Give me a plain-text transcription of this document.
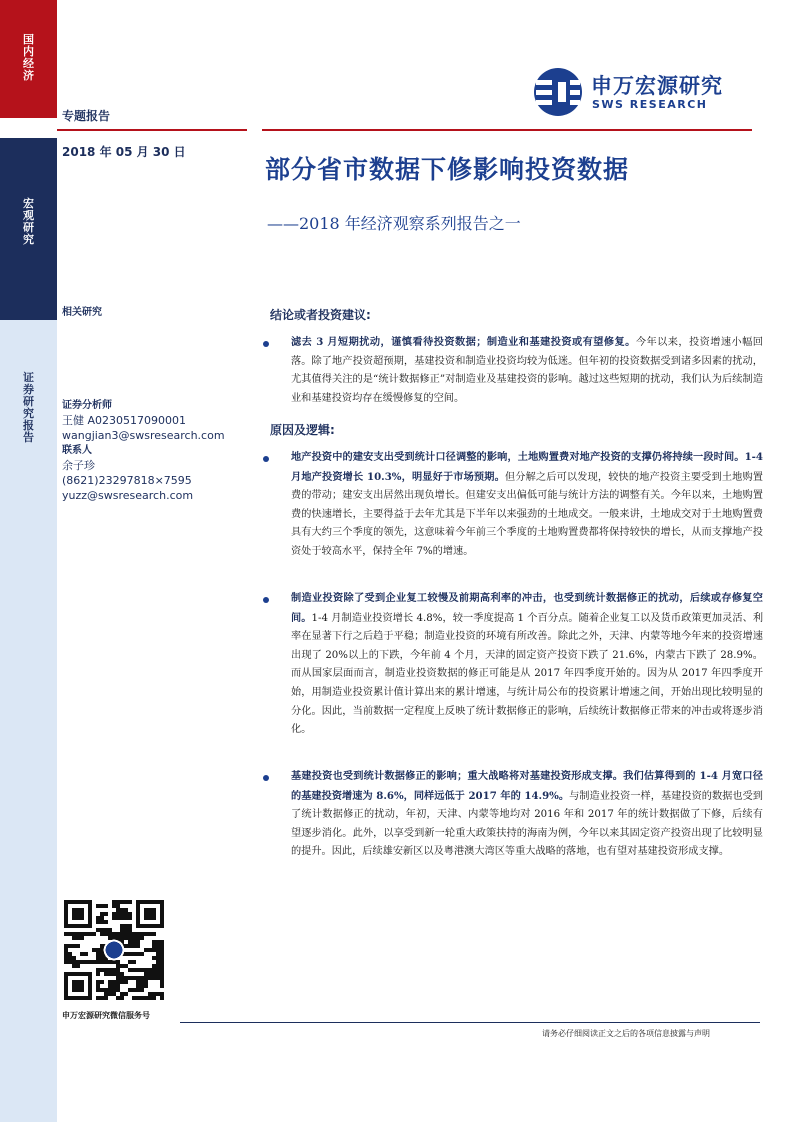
国
内
经
济
宏
观
研
究
证
券
研
究
报
告
申万宏源研究
SWS RESEARCH
专题报告
2018 年 05 月 30 日
部分省市数据下修影响投资数据
——2018 年经济观察系列报告之一
相关研究
证券分析师
王健 A0230517090001
wangjian3@swsresearch.com
联系人
余子珍
(8621)23297818×7595
yuzz@swsresearch.com
结论或者投资建议:
滤去 3 月短期扰动，谨慎看待投资数据；制造业和基建投资或有望修复。今年以来，投资增速小幅回落。除了地产投资超预期，基建投资和制造业投资均较为低迷。但年初的投资数据受到诸多因素的扰动，尤其值得关注的是“统计数据修正”对制造业及基建投资的影响。越过这些短期的扰动，我们认为后续制造业和基建投资均存在缓慢修复的空间。
原因及逻辑:
地产投资中的建安支出受到统计口径调整的影响，土地购置费对地产投资的支撑仍将持续一段时间。1-4 月地产投资增长 10.3%，明显好于市场预期。但分解之后可以发现，较快的地产投资主要受到土地购置费的带动；建安支出居然出现负增长。但建安支出偏低可能与统计方法的调整有关。今年以来，土地购置费的快速增长，主要得益于去年尤其是下半年以来强劲的土地成交。一般来讲，土地成交对于土地购置费具有大约三个季度的领先，这意味着今年前三个季度的土地购置费都将保持较快的增长，从而支撑地产投资处于较高水平，保持全年 7%的增速。
制造业投资除了受到企业复工较慢及前期高利率的冲击，也受到统计数据修正的扰动，后续或存修复空间。1-4 月制造业投资增长 4.8%，较一季度提高 1 个百分点。随着企业复工以及货币政策更加灵活、利率在显著下行之后趋于平稳；制造业投资的环境有所改善。除此之外，天津、内蒙等地今年来的投资增速出现了 20%以上的下跌，今年前 4 个月，天津的固定资产投资下跌了 21.6%，内蒙古下跌了 28.9%。而从国家层面而言，制造业投资数据的修正可能是从 2017 年四季度开始的。因为从 2017 年四季度开始，用制造业投资累计值计算出来的累计增速，与统计局公布的投资累计增速之间，开始出现比较明显的分化。因此，当前数据一定程度上反映了统计数据修正的影响，后续统计数据修正带来的冲击或将逐步消化。
基建投资也受到统计数据修正的影响；重大战略将对基建投资形成支撑。我们估算得到的 1-4 月宽口径的基建投资增速为 8.6%，同样远低于 2017 年的 14.9%。与制造业投资一样，基建投资的数据也受到了统计数据修正的扰动，年初，天津、内蒙等地均对 2016 年和 2017 年的统计数据做了下修，后续有望逐步消化。此外，以享受到新一轮重大政策扶持的海南为例，今年以来其固定资产投资出现了比较明显的提升。因此，后续雄安新区以及粤港澳大湾区等重大战略的落地，也有望对基建投资形成支撑。
申万宏源研究微信服务号
请务必仔细阅读正文之后的各项信息披露与声明
